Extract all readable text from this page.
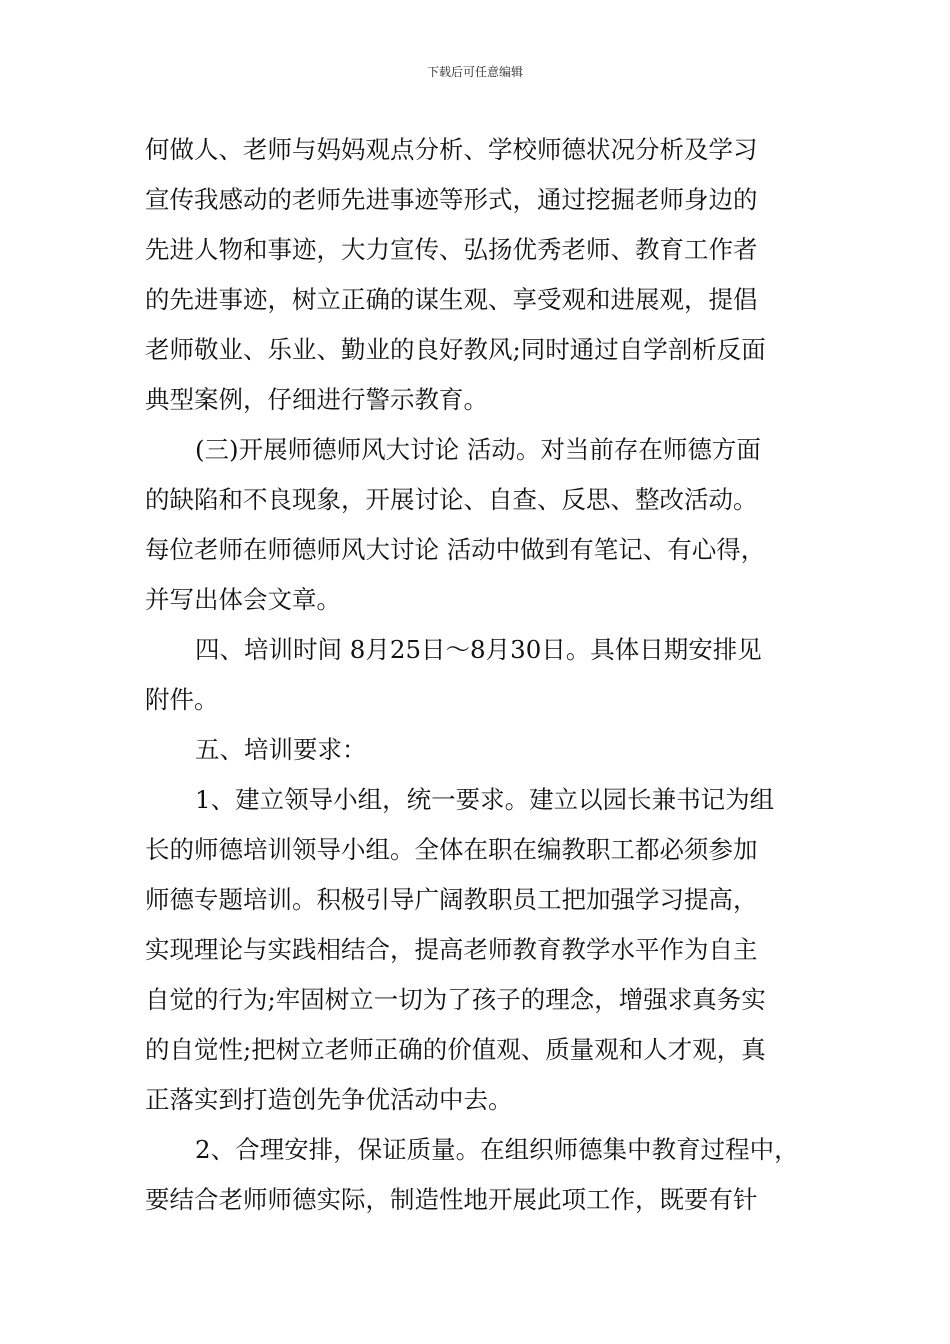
下载后可任意编辑
何做人、老师与妈妈观点分析、学校师德状况分析及学习
宣传我感动的老师先进事迹等形式，通过挖掘老师身边的
先进人物和事迹，大力宣传、弘扬优秀老师、教育工作者
的先进事迹，树立正确的谋生观、享受观和进展观，提倡
老师敬业、乐业、勤业的良好教风;同时通过自学剖析反面
典型案例，仔细进行警示教育。
(三)开展师德师风大讨论 活动。对当前存在师德方面
的缺陷和不良现象，开展讨论、自查、反思、整改活动。
每位老师在师德师风大讨论 活动中做到有笔记、有心得，
并写出体会文章。
四、培训时间 8月25日～8月30日。具体日期安排见
附件。
五、培训要求：
1、建立领导小组，统一要求。建立以园长兼书记为组
长的师德培训领导小组。全体在职在编教职工都必须参加
师德专题培训。积极引导广阔教职员工把加强学习提高，
实现理论与实践相结合，提高老师教育教学水平作为自主
自觉的行为;牢固树立一切为了孩子的理念，增强求真务实
的自觉性;把树立老师正确的价值观、质量观和人才观，真
正落实到打造创先争优活动中去。
2、合理安排，保证质量。在组织师德集中教育过程中，
要结合老师师德实际，制造性地开展此项工作，既要有针
